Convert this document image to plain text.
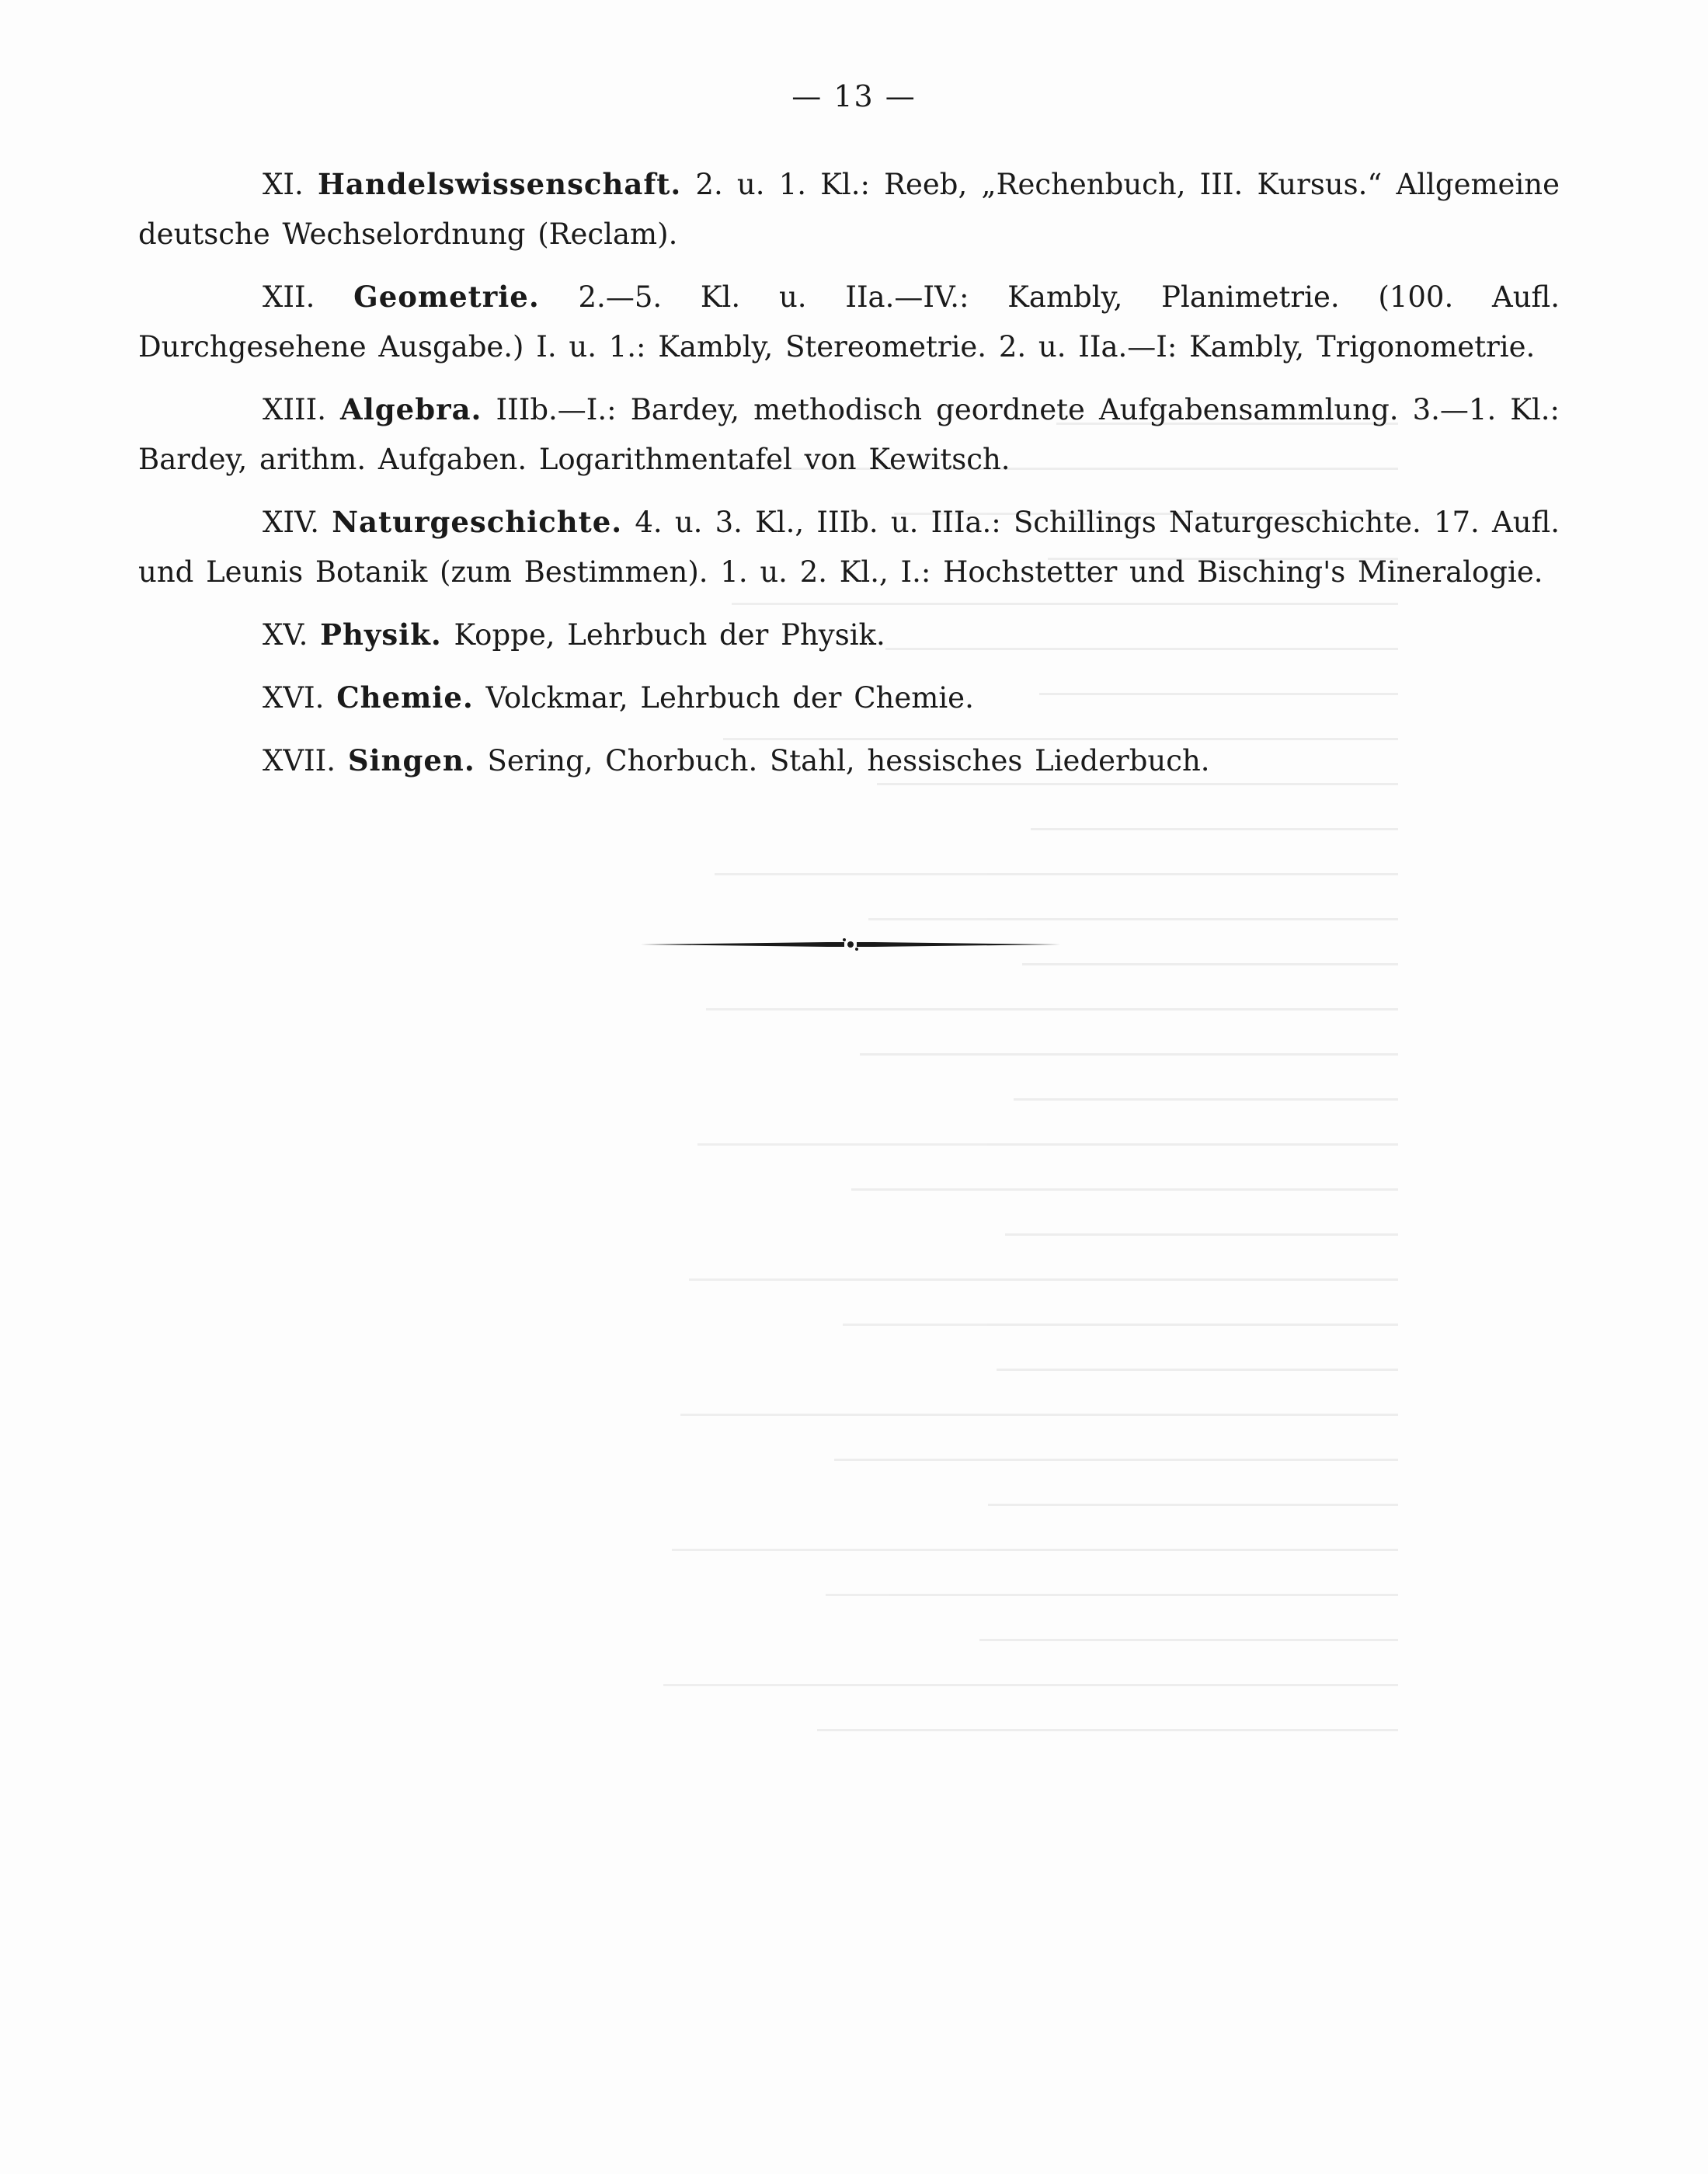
— 13 —

XI. Handelswissenschaft. 2. u. 1. Kl.: Reeb, „Rechenbuch, III. Kursus.“ Allgemeine deutsche Wechselordnung (Reclam).

XII. Geometrie. 2.—5. Kl. u. IIa.—IV.: Kambly, Planimetrie. (100. Aufl. Durchgesehene Ausgabe.) I. u. 1.: Kambly, Stereometrie. 2. u. IIa.—I: Kambly, Trigonometrie.

XIII. Algebra. IIIb.—I.: Bardey, methodisch geordnete Aufgabensammlung. 3.—1. Kl.: Bardey, arithm. Aufgaben. Logarithmentafel von Kewitsch.

XIV. Naturgeschichte. 4. u. 3. Kl., IIIb. u. IIIa.: Schillings Naturgeschichte. 17. Aufl. und Leunis Botanik (zum Bestimmen). 1. u. 2. Kl., I.: Hochstetter und Bisching's Mineralogie.

XV. Physik. Koppe, Lehrbuch der Physik.

XVI. Chemie. Volckmar, Lehrbuch der Chemie.

XVII. Singen. Sering, Chorbuch. Stahl, hessisches Liederbuch.
